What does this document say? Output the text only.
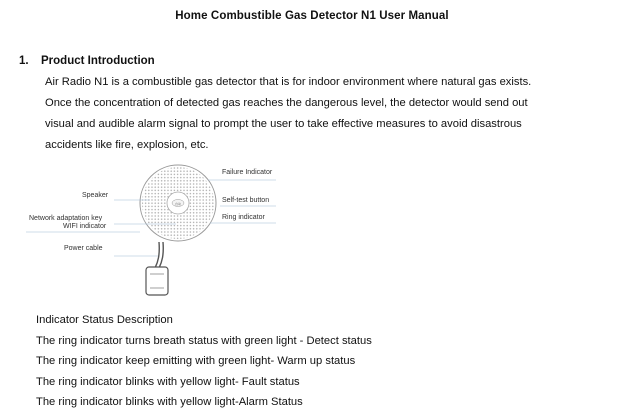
Home Combustible Gas Detector N1 User Manual
1. Product Introduction
Air Radio N1 is a combustible gas detector that is for indoor environment where natural gas exists.
Once the concentration of detected gas reaches the dangerous level, the detector would send out
visual and audible alarm signal to prompt the user to take effective measures to avoid disastrous
accidents like fire, explosion, etc.
自动
Speaker
Network adaptation key
WIFI indicator
Power cable
Failure Indicator
Self-test button
Ring indicator
Indicator Status Description
The ring indicator turns breath status with green light - Detect status
The ring indicator keep emitting with green light- Warm up status
The ring indicator blinks with yellow light- Fault status
The ring indicator blinks with yellow light-Alarm Status
